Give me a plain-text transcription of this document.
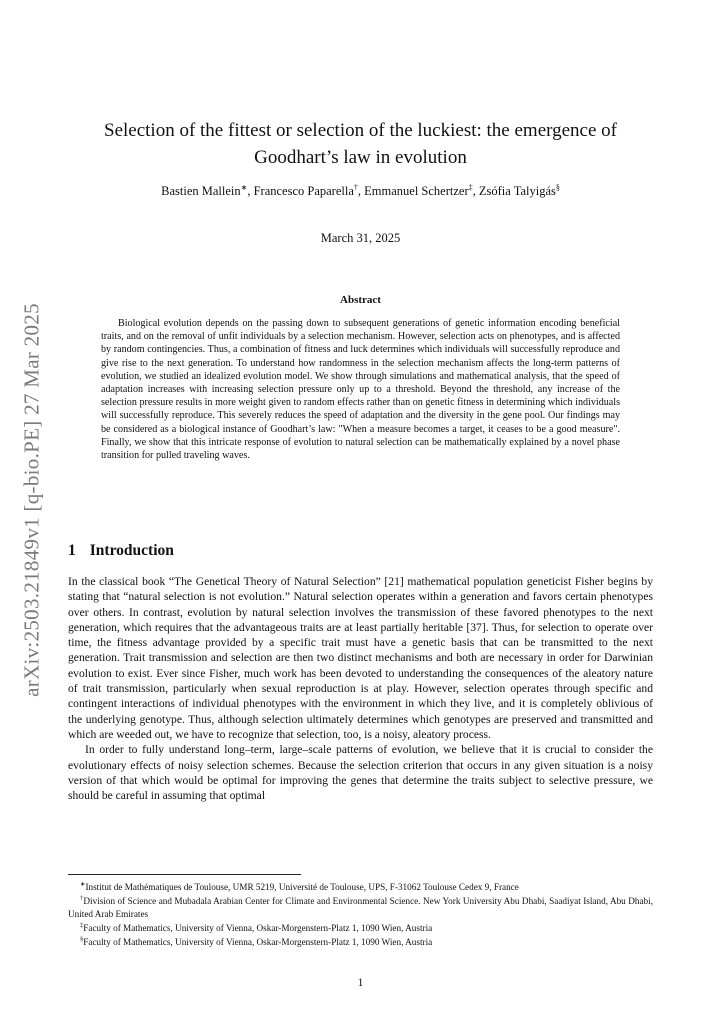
arXiv:2503.21849v1 [q-bio.PE] 27 Mar 2025
Selection of the fittest or selection of the luckiest: the emergence of Goodhart’s law in evolution
Bastien Mallein∗, Francesco Paparella†, Emmanuel Schertzer‡, Zsófia Talyigás§
March 31, 2025
Abstract

Biological evolution depends on the passing down to subsequent generations of genetic information encoding beneficial traits, and on the removal of unfit individuals by a selection mechanism. However, selection acts on phenotypes, and is affected by random contingencies. Thus, a combination of fitness and luck determines which individuals will successfully reproduce and give rise to the next generation. To understand how randomness in the selection mechanism affects the long-term patterns of evolution, we studied an idealized evolution model. We show through simulations and mathematical analysis, that the speed of adaptation increases with increasing selection pressure only up to a threshold. Beyond the threshold, any increase of the selection pressure results in more weight given to random effects rather than on genetic fitness in determining which individuals will successfully reproduce. This severely reduces the speed of adaptation and the diversity in the gene pool. Our findings may be considered as a biological instance of Goodhart’s law: "When a measure becomes a target, it ceases to be a good measure". Finally, we show that this intricate response of evolution to natural selection can be mathematically explained by a novel phase transition for pulled traveling waves.

1 Introduction

In the classical book “The Genetical Theory of Natural Selection” [21] mathematical population geneticist Fisher begins by stating that “natural selection is not evolution.” Natural selection operates within a generation and favors certain phenotypes over others. In contrast, evolution by natural selection involves the transmission of these favored phenotypes to the next generation, which requires that the advantageous traits are at least partially heritable [37]. Thus, for selection to operate over time, the fitness advantage provided by a specific trait must have a genetic basis that can be transmitted to the next generation. Trait transmission and selection are then two distinct mechanisms and both are necessary in order for Darwinian evolution to exist. Ever since Fisher, much work has been devoted to understanding the consequences of the aleatory nature of trait transmission, particularly when sexual reproduction is at play. However, selection operates through specific and contingent interactions of individual phenotypes with the environment in which they live, and it is completely oblivious of the underlying genotype. Thus, although selection ultimately determines which genotypes are preserved and transmitted and which are weeded out, we have to recognize that selection, too, is a noisy, aleatory process.

In order to fully understand long–term, large–scale patterns of evolution, we believe that it is crucial to consider the evolutionary effects of noisy selection schemes. Because the selection criterion that occurs in any given situation is a noisy version of that which would be optimal for improving the genes that determine the traits subject to selective pressure, we should be careful in assuming that optimal

∗Institut de Mathématiques de Toulouse, UMR 5219, Université de Toulouse, UPS, F-31062 Toulouse Cedex 9, France

†Division of Science and Mubadala Arabian Center for Climate and Environmental Science. New York University Abu Dhabi, Saadiyat Island, Abu Dhabi, United Arab Emirates

‡Faculty of Mathematics, University of Vienna, Oskar-Morgenstern-Platz 1, 1090 Wien, Austria

§Faculty of Mathematics, University of Vienna, Oskar-Morgenstern-Platz 1, 1090 Wien, Austria

1
